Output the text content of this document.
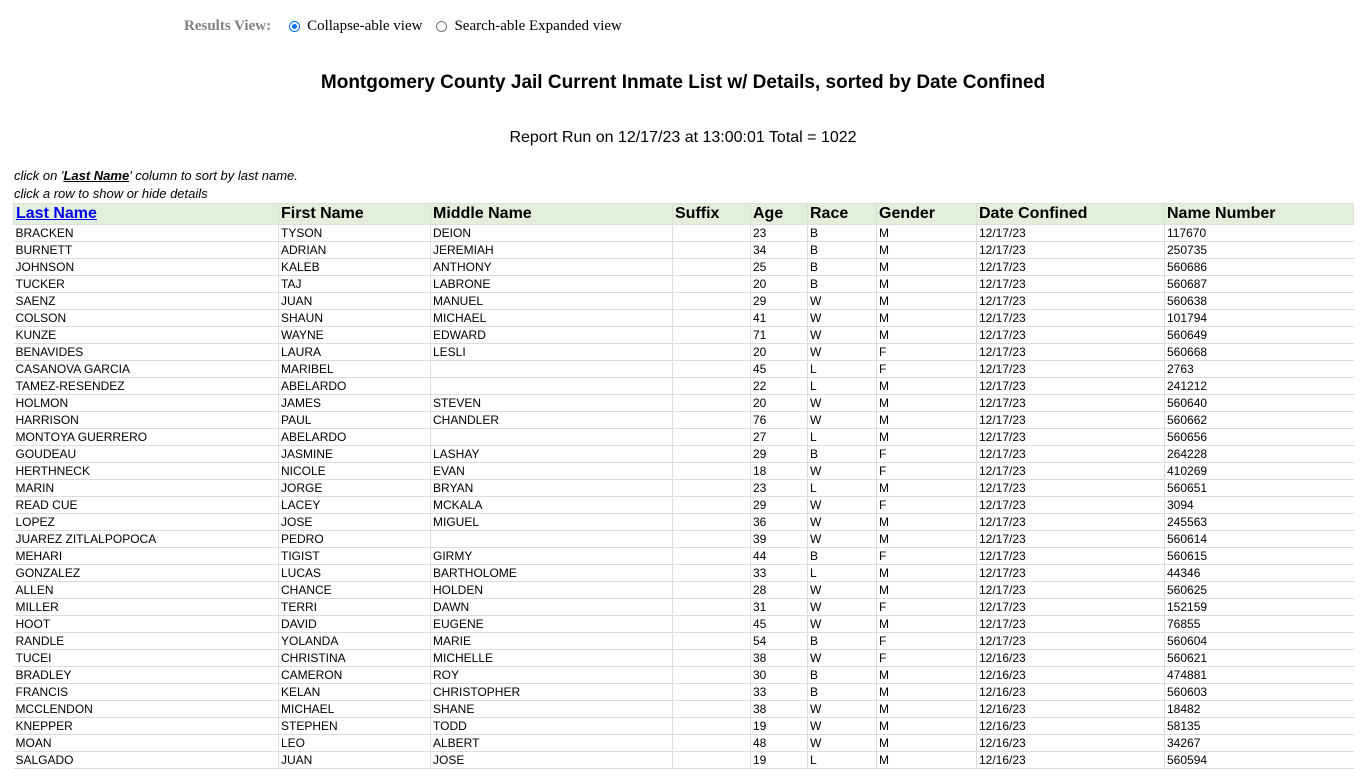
Results View: Collapse-able view Search-able Expanded view
Montgomery County Jail Current Inmate List w/ Details, sorted by Date Confined
Report Run on 12/17/23 at 13:00:01 Total = 1022
click on 'Last Name' column to sort by last name.
click a row to show or hide details
Last Name	First Name	Middle Name	Suffix	Age	Race	Gender	Date Confined	Name Number
BRACKEN	TYSON	DEION		23	B	M	12/17/23	117670
BURNETT	ADRIAN	JEREMIAH		34	B	M	12/17/23	250735
JOHNSON	KALEB	ANTHONY		25	B	M	12/17/23	560686
TUCKER	TAJ	LABRONE		20	B	M	12/17/23	560687
SAENZ	JUAN	MANUEL		29	W	M	12/17/23	560638
COLSON	SHAUN	MICHAEL		41	W	M	12/17/23	101794
KUNZE	WAYNE	EDWARD		71	W	M	12/17/23	560649
BENAVIDES	LAURA	LESLI		20	W	F	12/17/23	560668
CASANOVA GARCIA	MARIBEL			45	L	F	12/17/23	2763
TAMEZ-RESENDEZ	ABELARDO			22	L	M	12/17/23	241212
HOLMON	JAMES	STEVEN		20	W	M	12/17/23	560640
HARRISON	PAUL	CHANDLER		76	W	M	12/17/23	560662
MONTOYA GUERRERO	ABELARDO			27	L	M	12/17/23	560656
GOUDEAU	JASMINE	LASHAY		29	B	F	12/17/23	264228
HERTHNECK	NICOLE	EVAN		18	W	F	12/17/23	410269
MARIN	JORGE	BRYAN		23	L	M	12/17/23	560651
READ CUE	LACEY	MCKALA		29	W	F	12/17/23	3094
LOPEZ	JOSE	MIGUEL		36	W	M	12/17/23	245563
JUAREZ ZITLALPOPOCA	PEDRO			39	W	M	12/17/23	560614
MEHARI	TIGIST	GIRMY		44	B	F	12/17/23	560615
GONZALEZ	LUCAS	BARTHOLOME		33	L	M	12/17/23	44346
ALLEN	CHANCE	HOLDEN		28	W	M	12/17/23	560625
MILLER	TERRI	DAWN		31	W	F	12/17/23	152159
HOOT	DAVID	EUGENE		45	W	M	12/17/23	76855
RANDLE	YOLANDA	MARIE		54	B	F	12/17/23	560604
TUCEI	CHRISTINA	MICHELLE		38	W	F	12/16/23	560621
BRADLEY	CAMERON	ROY		30	B	M	12/16/23	474881
FRANCIS	KELAN	CHRISTOPHER		33	B	M	12/16/23	560603
MCCLENDON	MICHAEL	SHANE		38	W	M	12/16/23	18482
KNEPPER	STEPHEN	TODD		19	W	M	12/16/23	58135
MOAN	LEO	ALBERT		48	W	M	12/16/23	34267
SALGADO	JUAN	JOSE		19	L	M	12/16/23	560594
